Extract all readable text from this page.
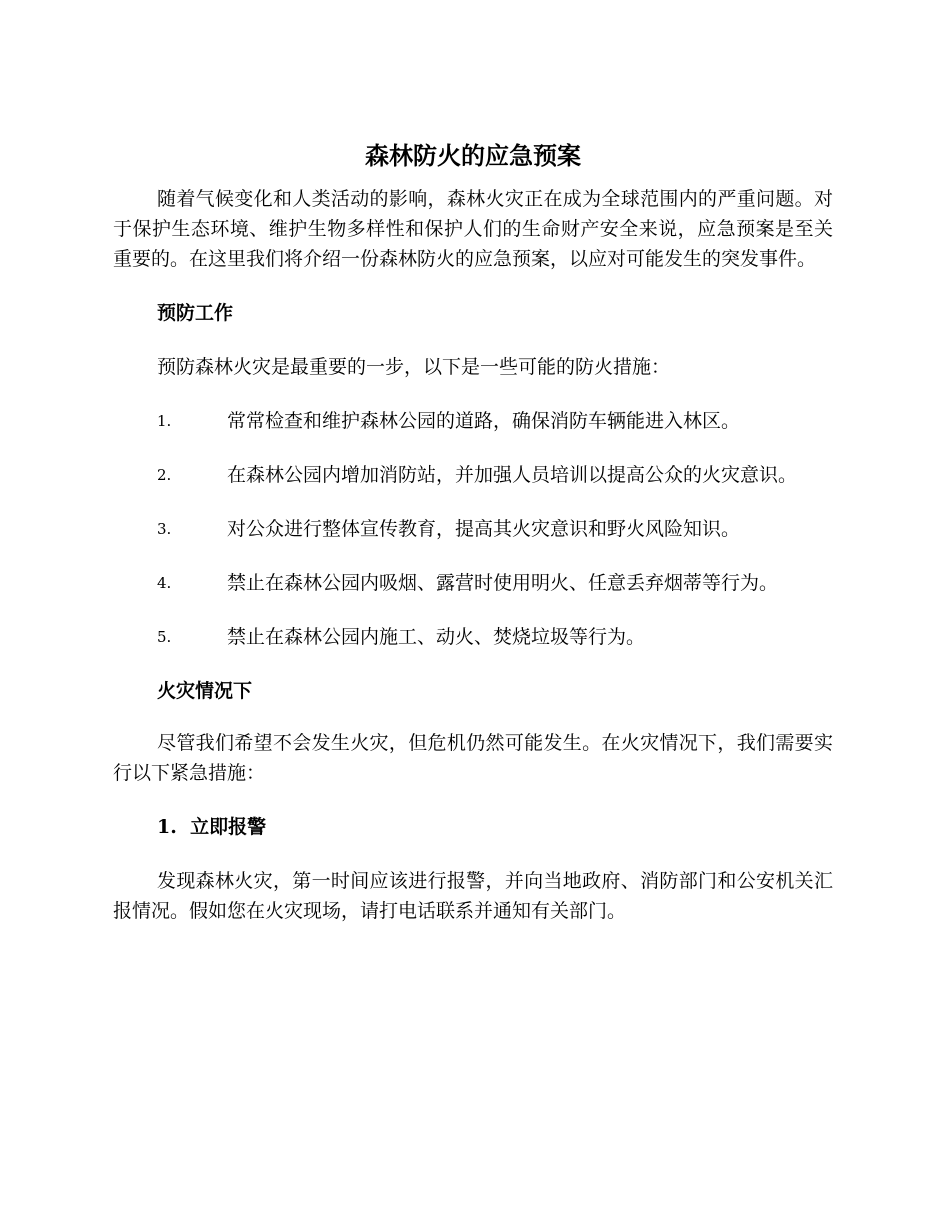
森林防火的应急预案

随着气候变化和人类活动的影响，森林火灾正在成为全球范围内的严重问题。对于保护生态环境、维护生物多样性和保护人们的生命财产安全来说，应急预案是至关重要的。在这里我们将介绍一份森林防火的应急预案，以应对可能发生的突发事件。

预防工作

预防森林火灾是最重要的一步，以下是一些可能的防火措施：

1.	常常检查和维护森林公园的道路，确保消防车辆能进入林区。

2.	在森林公园内增加消防站，并加强人员培训以提高公众的火灾意识。

3.	对公众进行整体宣传教育，提高其火灾意识和野火风险知识。

4.	禁止在森林公园内吸烟、露营时使用明火、任意丢弃烟蒂等行为。

5.	禁止在森林公园内施工、动火、焚烧垃圾等行为。

火灾情况下

尽管我们希望不会发生火灾，但危机仍然可能发生。在火灾情况下，我们需要实行以下紧急措施：

1.  立即报警

发现森林火灾，第一时间应该进行报警，并向当地政府、消防部门和公安机关汇报情况。假如您在火灾现场，请打电话联系并通知有关部门。
